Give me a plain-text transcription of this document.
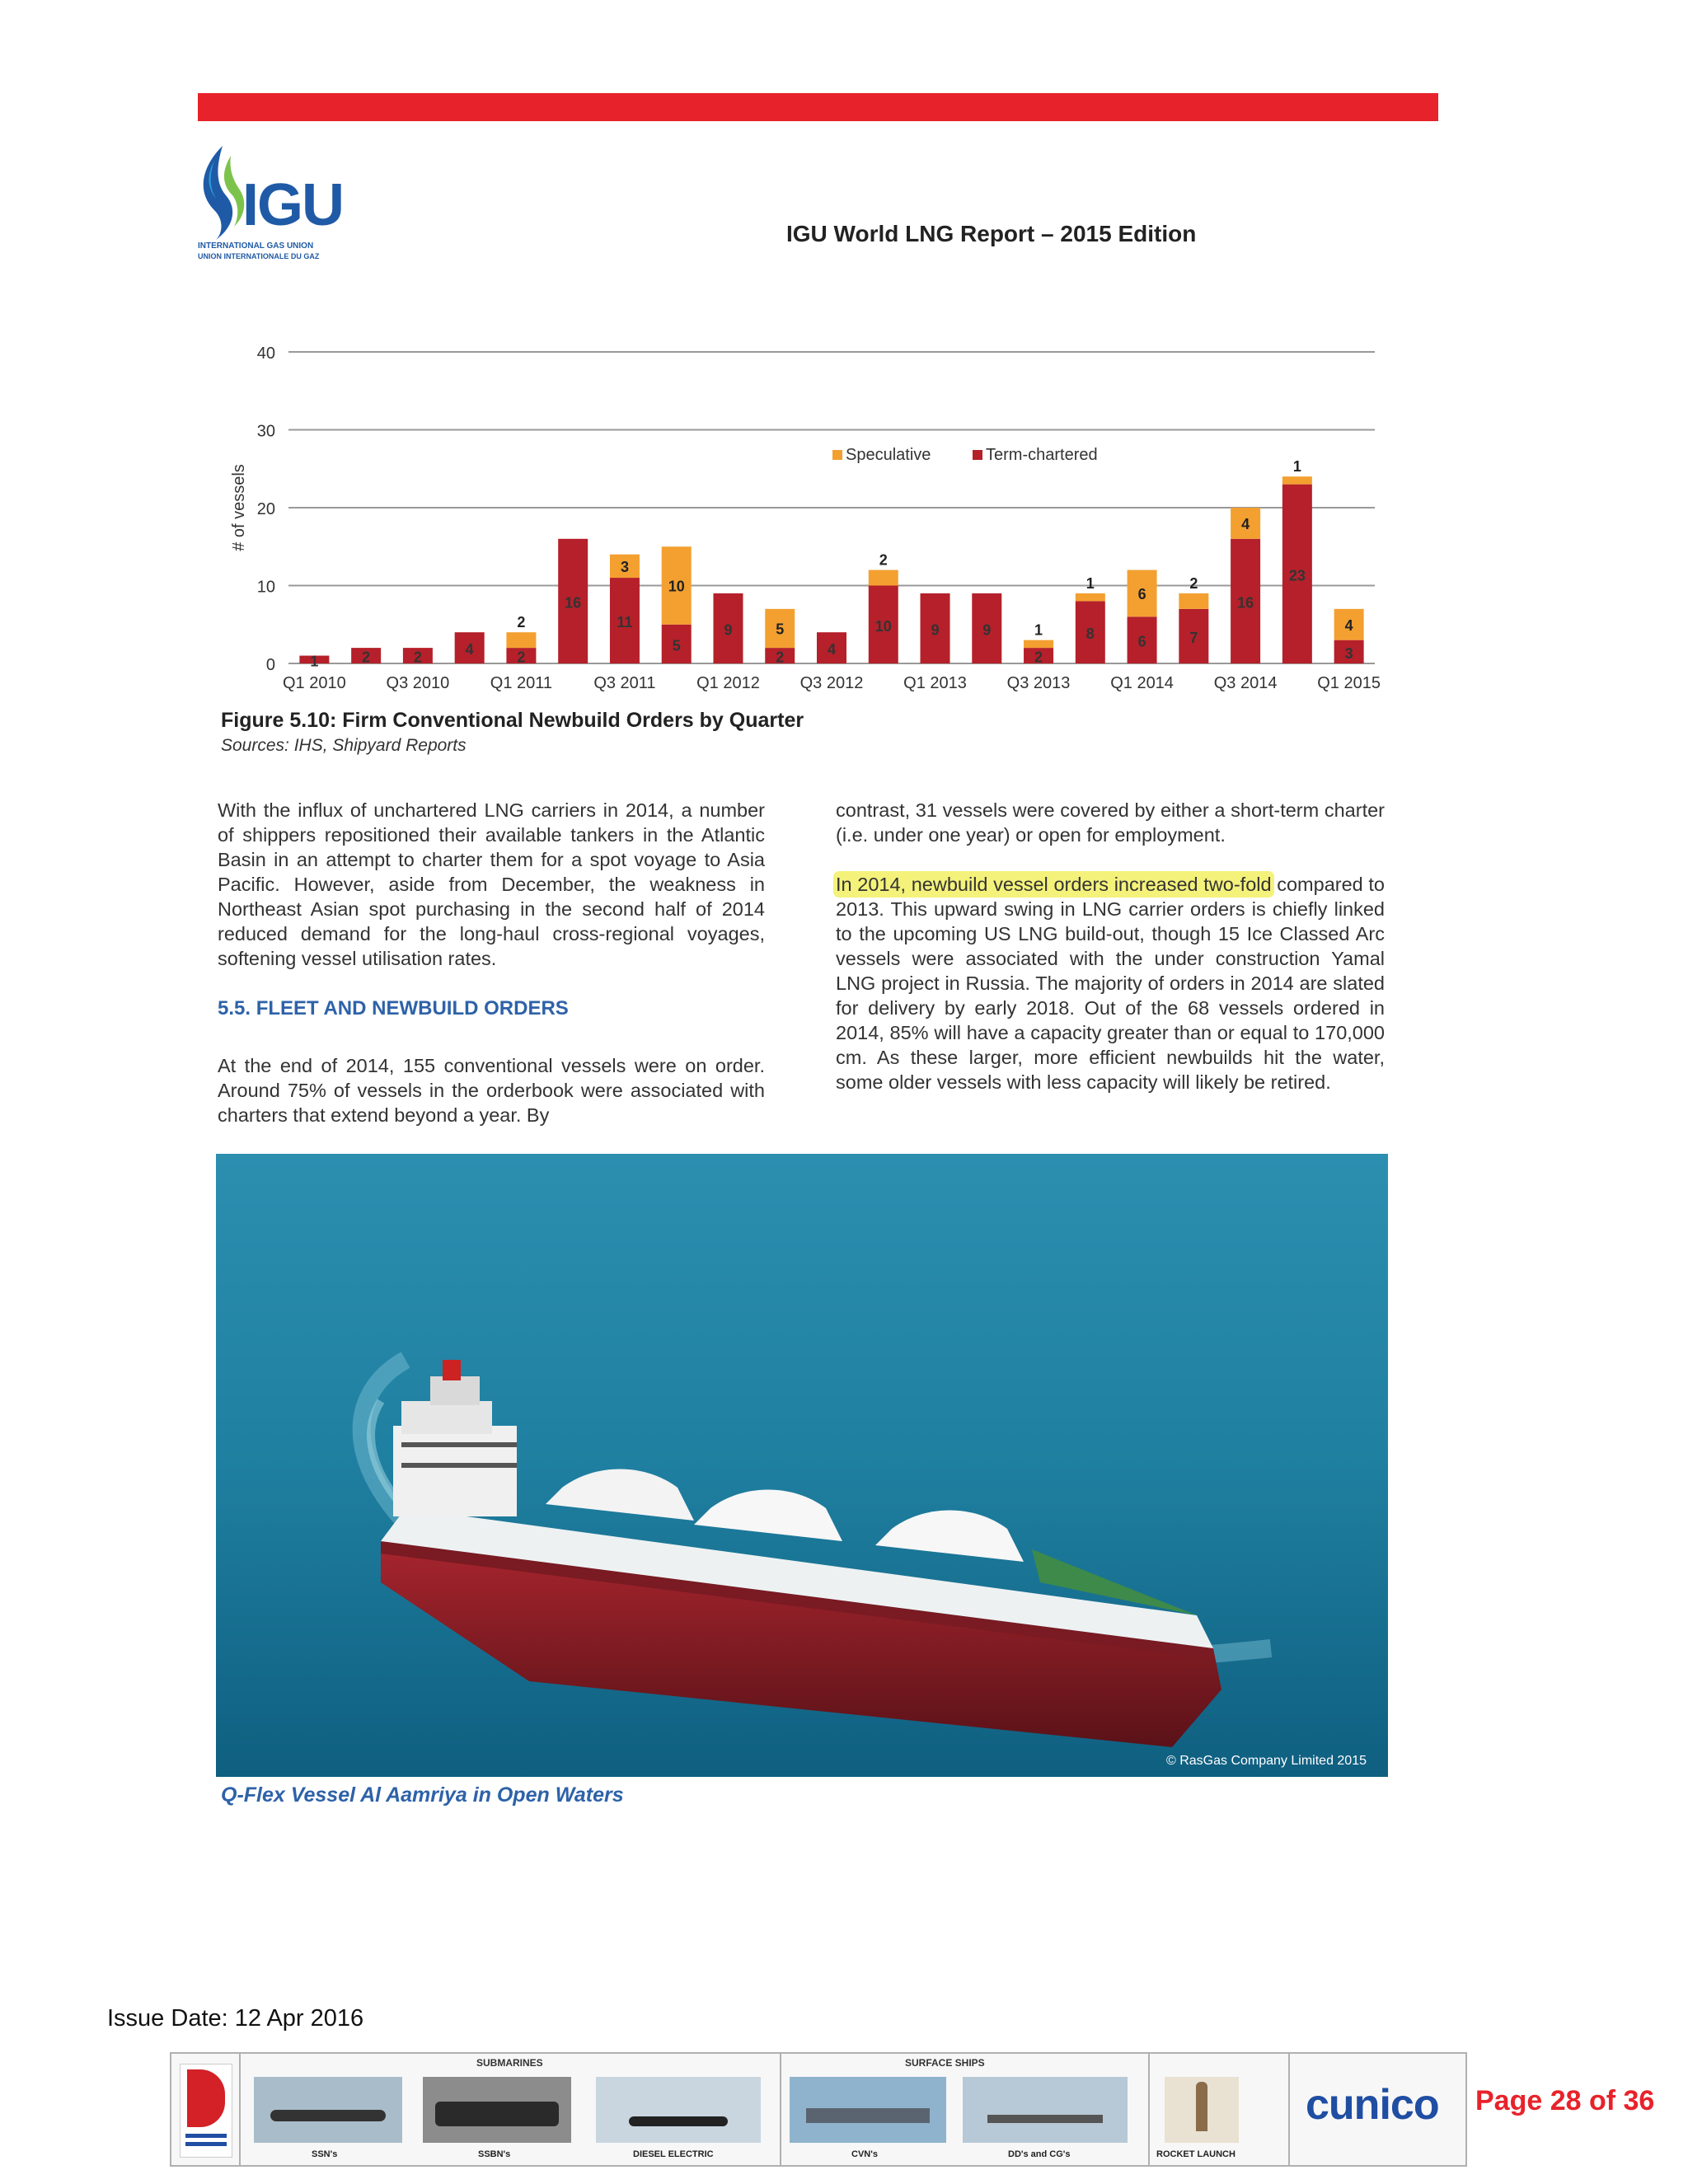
IGU
INTERNATIONAL GAS UNION
UNION INTERNATIONALE DU GAZ
IGU World LNG Report – 2015 Edition
0
10
20
30
40
# of vessels
1	2	2	4	2
2
16
11
3
5
10
9
2
5
4
10
2
9	9
2
1	8
1
6
6
7
2
16
4
23
1
3
4
Q1 2010 Q3 2010 Q1 2011	Q3 2011 Q1 2012 Q3 2012 Q1 2013 Q3 2013 Q1 2014 Q3 2014 Q1 2015
Speculative	Term-chartered
Figure 5.10: Firm Conventional Newbuild Orders by Quarter
Sources: IHS, Shipyard Reports

With the influx of unchartered LNG carriers in 2014, a number of shippers repositioned their available tankers in the Atlantic Basin in an attempt to charter them for a spot voyage to Asia Pacific. However, aside from December, the weakness in Northeast Asian spot purchasing in the second half of 2014 reduced demand for the long-haul cross-regional voyages, softening vessel utilisation rates.

5.5. FLEET AND NEWBUILD ORDERS

At the end of 2014, 155 conventional vessels were on order. Around 75% of vessels in the orderbook were associated with charters that extend beyond a year. By

contrast, 31 vessels were covered by either a short-term charter (i.e. under one year) or open for employment.

In 2014, newbuild vessel orders increased two-fold compared to 2013. This upward swing in LNG carrier orders is chiefly linked to the upcoming US LNG build-out, though 15 Ice Classed Arc vessels were associated with the under construction Yamal LNG project in Russia. The majority of orders in 2014 are slated for delivery by early 2018. Out of the 68 vessels ordered in 2014, 85% will have a capacity greater than or equal to 170,000 cm. As these larger, more efficient newbuilds hit the water, some older vessels with less capacity will likely be retired.

© RasGas Company Limited 2015
Q-Flex Vessel Al Aamriya in Open Waters
Issue Date: 12 Apr 2016
SUBMARINES	SURFACE SHIPS
SSN's	SSBN's	DIESEL ELECTRIC	CVN's	DD's and CG's	ROCKET LAUNCH
cunico Page 28 of 36
